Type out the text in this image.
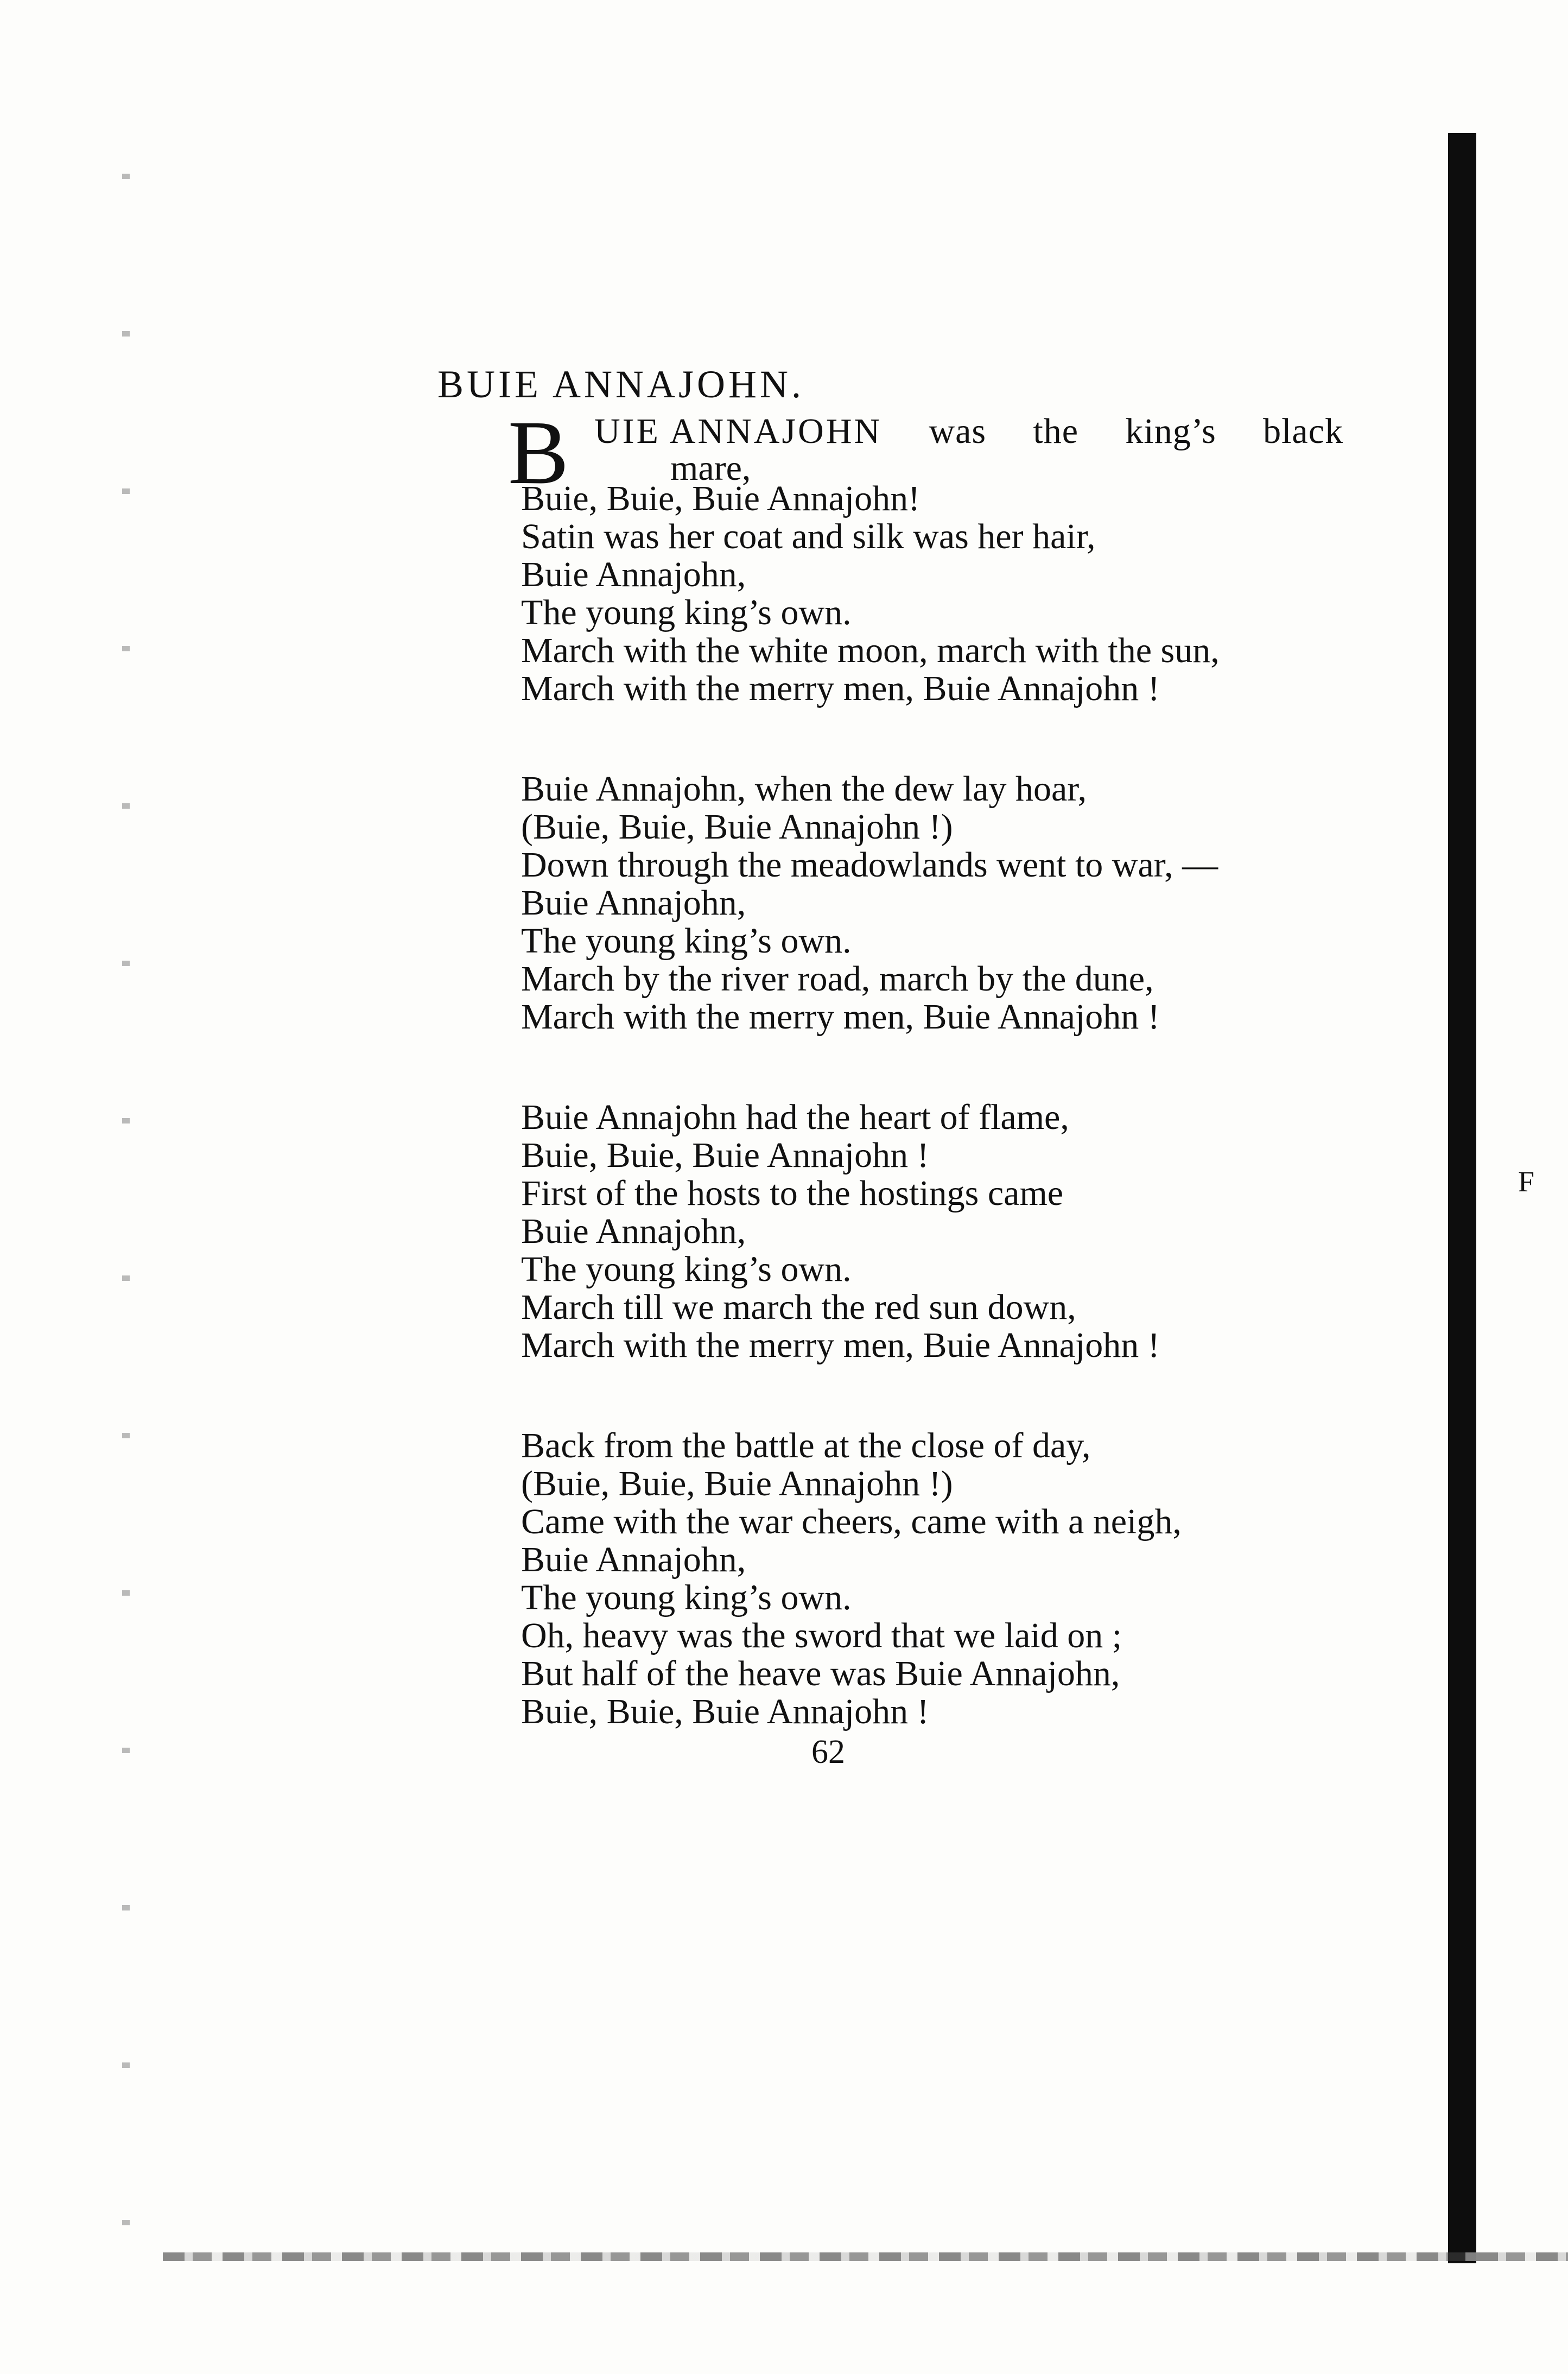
BUIE ANNAJOHN.
B UIE ANNAJOHN was the king’s black
mare,
Buie, Buie, Buie Annajohn!
Satin was her coat and silk was her hair,
Buie Annajohn,
The young king’s own.
March with the white moon, march with the sun,
March with the merry men, Buie Annajohn !
Buie Annajohn, when the dew lay hoar,
(Buie, Buie, Buie Annajohn !)
Down through the meadowlands went to war, —
Buie Annajohn,
The young king’s own.
March by the river road, march by the dune,
March with the merry men, Buie Annajohn !
Buie Annajohn had the heart of flame,
Buie, Buie, Buie Annajohn !
First of the hosts to the hostings came
Buie Annajohn,
The young king’s own.
March till we march the red sun down,
March with the merry men, Buie Annajohn !
Back from the battle at the close of day,
(Buie, Buie, Buie Annajohn !)
Came with the war cheers, came with a neigh,
Buie Annajohn,
The young king’s own.
Oh, heavy was the sword that we laid on ;
But half of the heave was Buie Annajohn,
Buie, Buie, Buie Annajohn !
62
F
